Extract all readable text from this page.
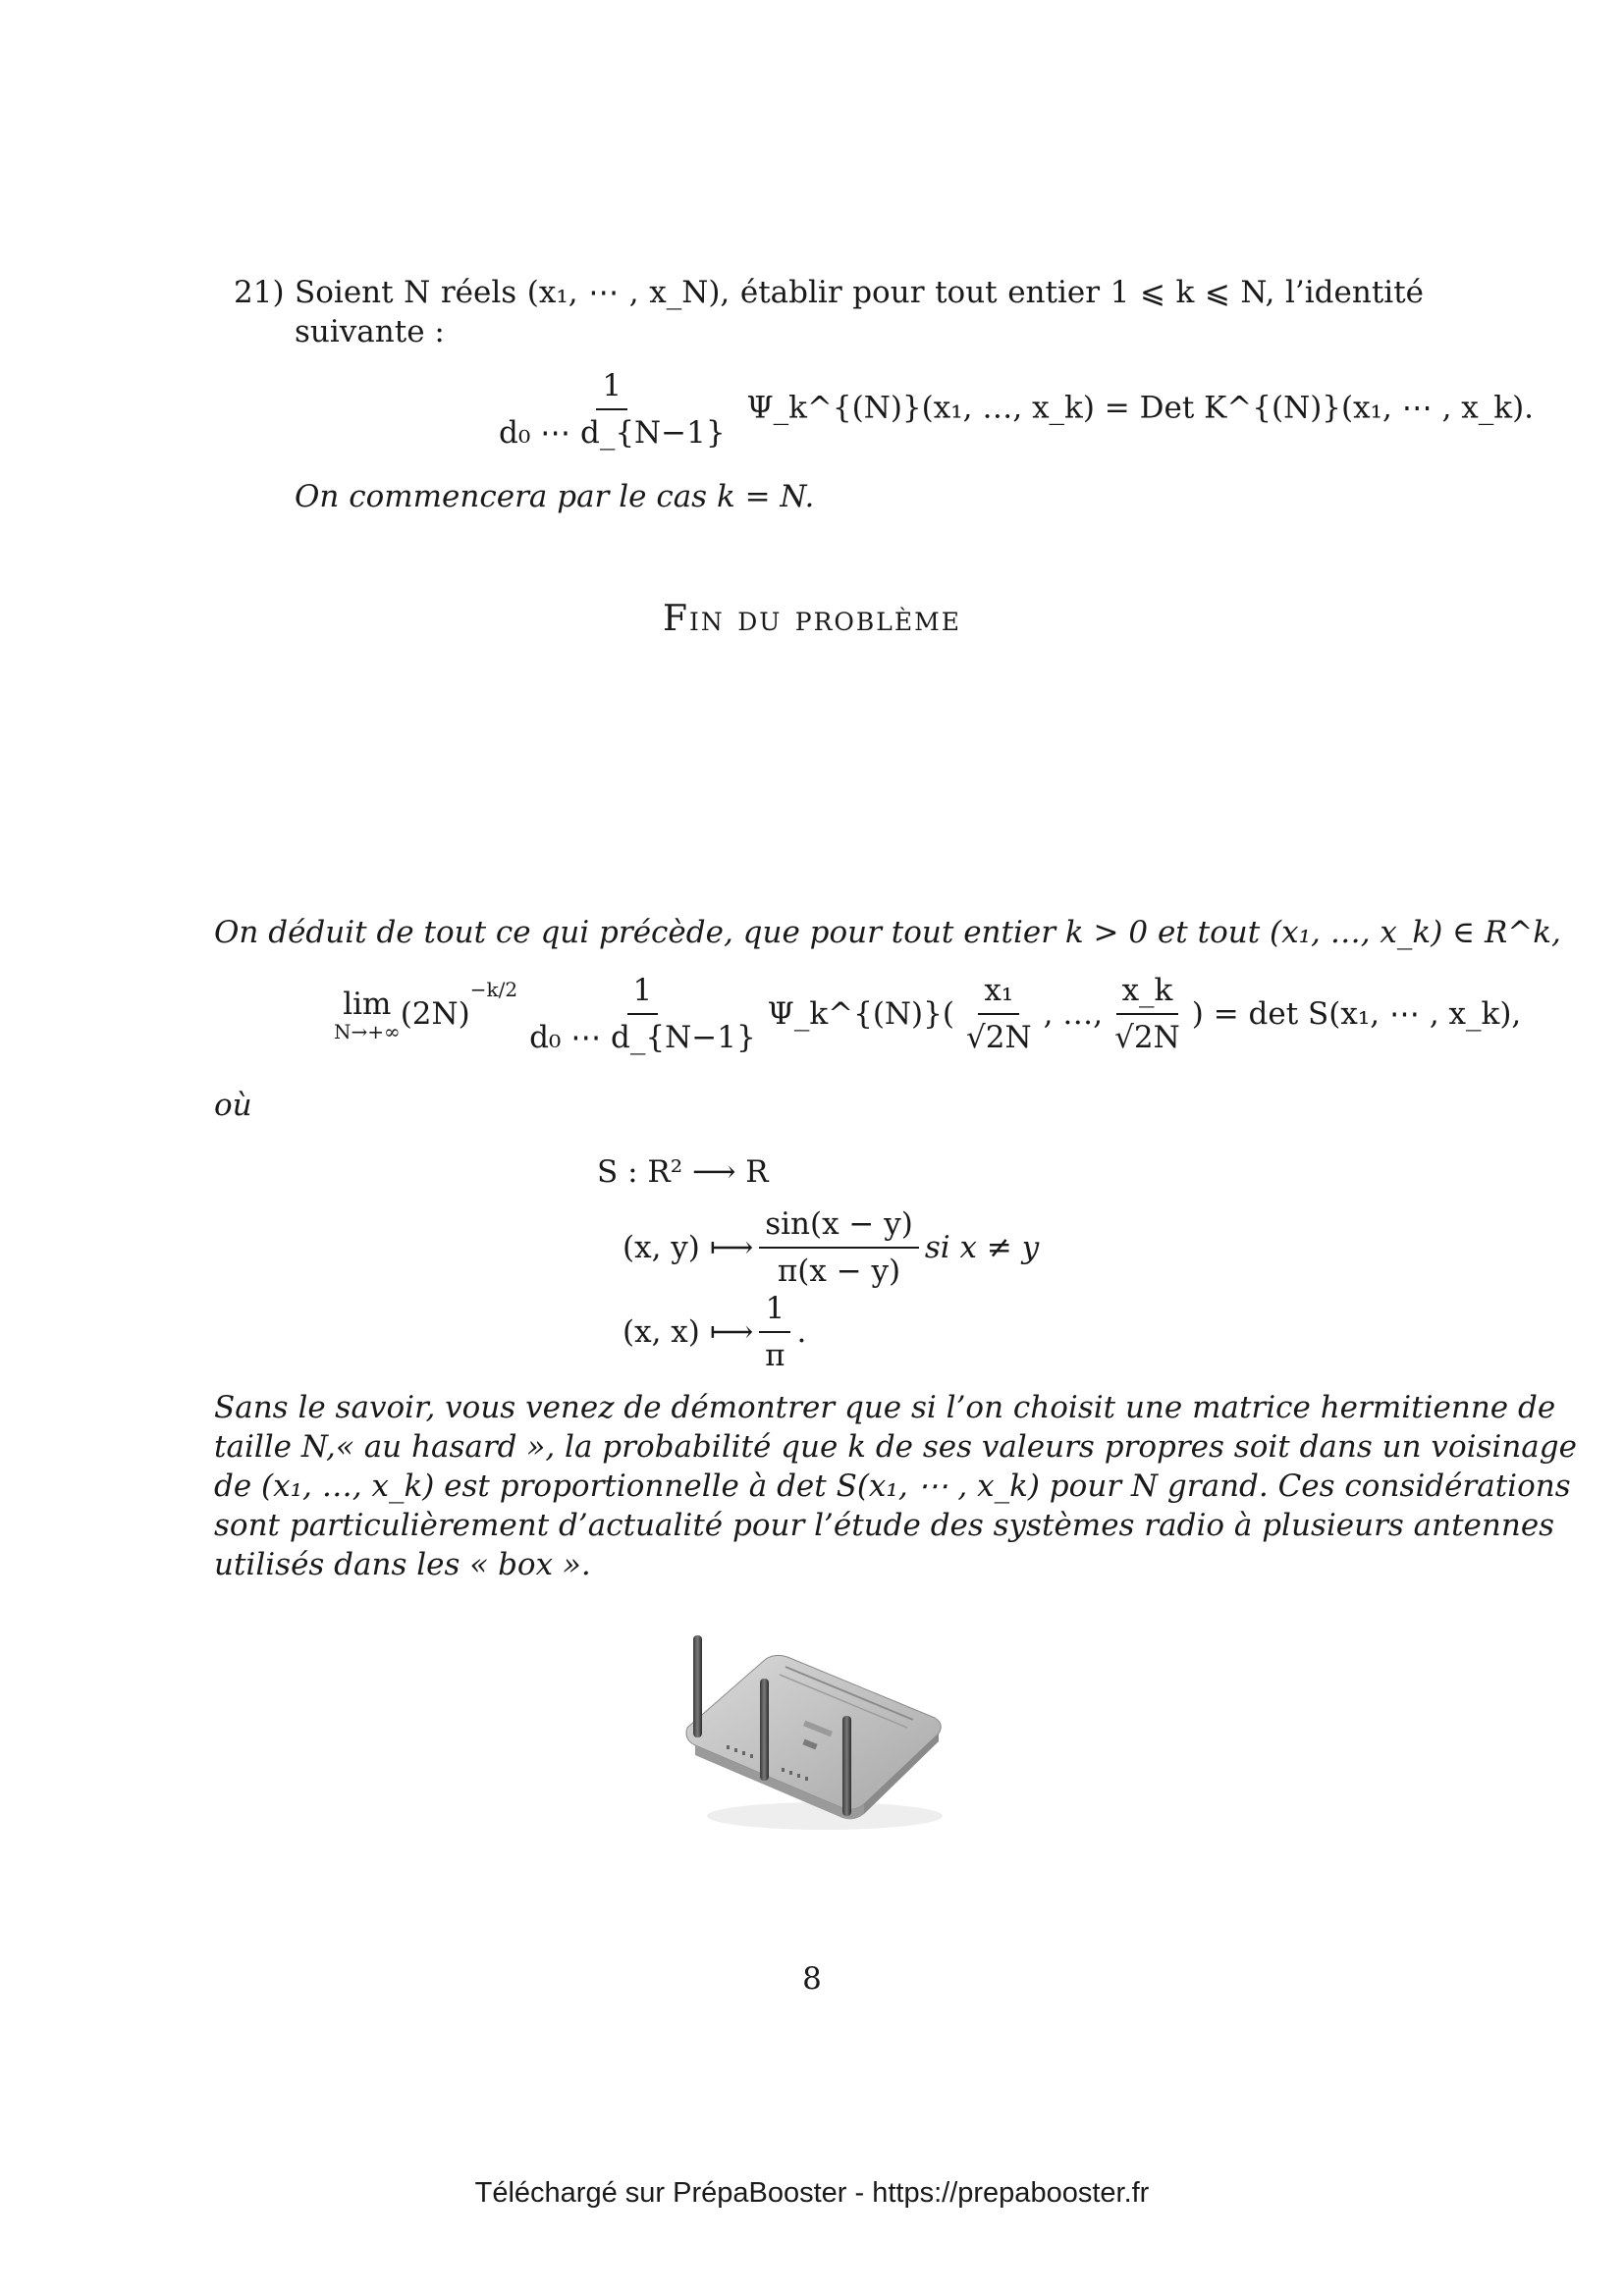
21) Soient N réels (x₁, ⋯ , x_N), établir pour tout entier 1 ⩽ k ⩽ N, l’identité
suivante :
$\frac{1}{\text{d₀ ⋯ d\_\{N−1\}}}$ Ψ_k^{(N)}(x₁, …, x_k) = Det K^{(N)}(x₁, ⋯ , x_k).
On commencera par le cas k = N.
Fin du problème
On déduit de tout ce qui précède, que pour tout entier k > 0 et tout (x₁, …, x_k) ∈ R^k,
lim
N→+∞ (2N)
$^{-k/2} \frac{1}{\text{d₀ ⋯ d\_\{N−1\}}}$ Ψ_k^{(N)}( $\frac{\text{x₁}}{√2N}$ , …, $\frac{x\_k}{√2N}$ ) = det S(x₁, ⋯ , x_k),
où
S : R² ⟶ R
(x, y) ⟼ $\frac{\sin(x - y)}{\pi(x - y)}$ si x ≠ y
(x, x) ⟼ $\frac{1}{\pi}$ .
Sans le savoir, vous venez de démontrer que si l’on choisit une matrice hermitienne de
taille N,« au hasard », la probabilité que k de ses valeurs propres soit dans un voisinage
de (x₁, …, x_k) est proportionnelle à det S(x₁, ⋯ , x_k) pour N grand. Ces considérations
sont particulièrement d’actualité pour l’étude des systèmes radio à plusieurs antennes
utilisés dans les « box ».
8
Téléchargé sur PrépaBooster - https://prepabooster.fr
